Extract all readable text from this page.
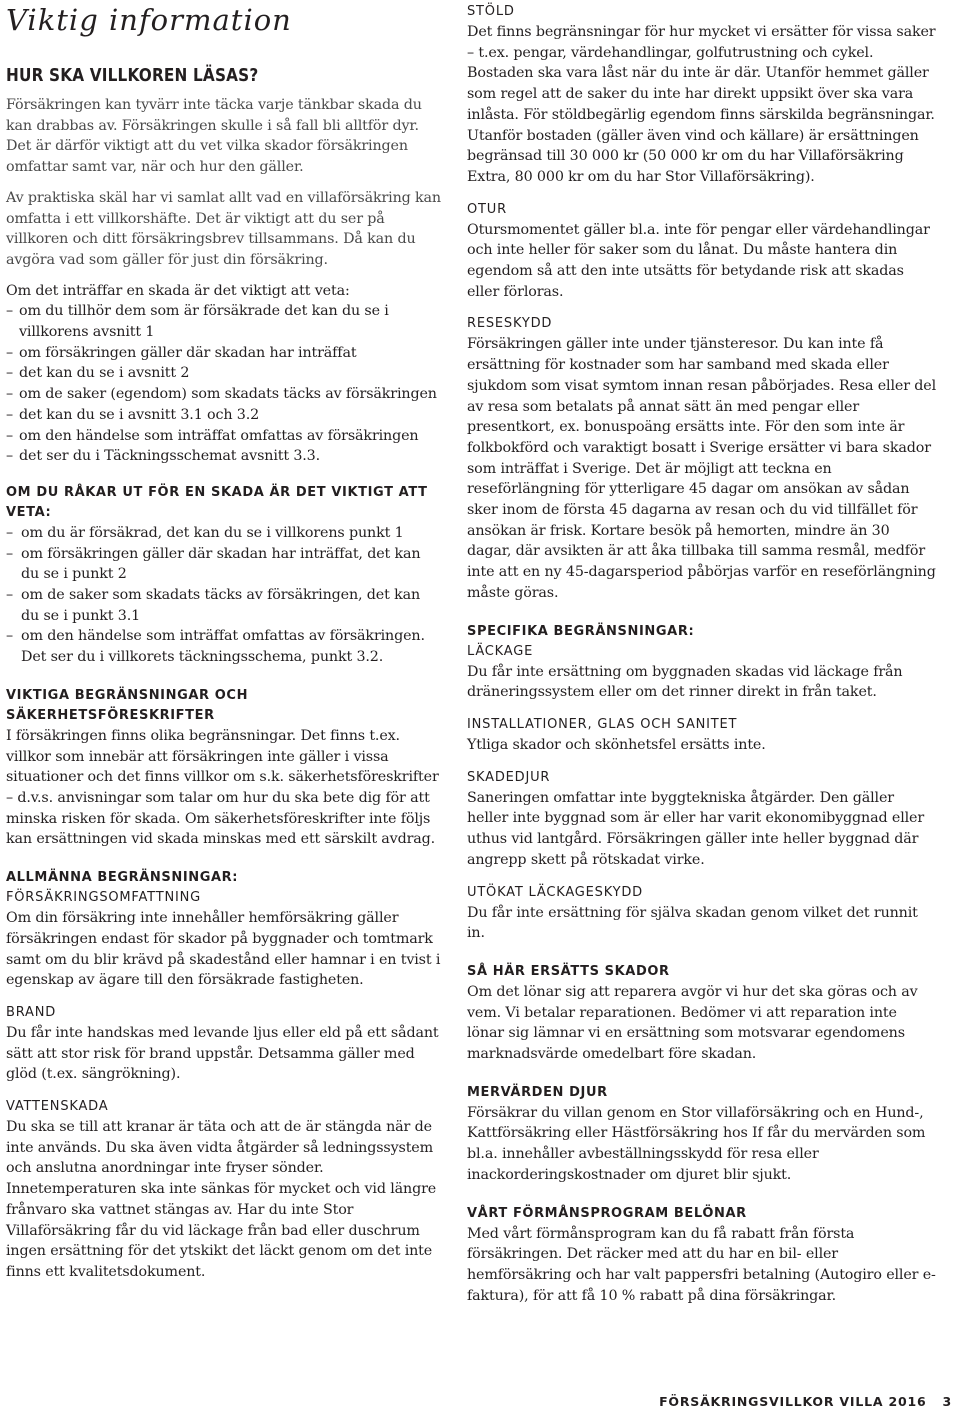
Viktig information
HUR SKA VILLKOREN LÄSAS?

Försäkringen kan tyvärr inte täcka varje tänkbar skada du kan drabbas av. Försäkringen skulle i så fall bli alltför dyr. Det är därför viktigt att du vet vilka skador försäkringen omfattar samt var, när och hur den gäller.

Av praktiska skäl har vi samlat allt vad en villaförsäkring kan omfatta i ett villkorshäfte. Det är viktigt att du ser på villkoren och ditt försäkringsbrev tillsammans. Då kan du avgöra vad som gäller för just din försäkring.

Om det inträffar en skada är det viktigt att veta:

– om du tillhör dem som är försäkrade det kan du se i villkorens avsnitt 1
– om försäkringen gäller där skadan har inträffat
– det kan du se i avsnitt 2
– om de saker (egendom) som skadats täcks av försäkringen
– det kan du se i avsnitt 3.1 och 3.2
– om den händelse som inträffat omfattas av försäkringen
– det ser du i Täckningsschemat avsnitt 3.3.
OM DU RÅKAR UT FÖR EN SKADA ÄR DET VIKTIGT ATT VETA:
– om du är försäkrad, det kan du se i villkorens punkt 1
– om försäkringen gäller där skadan har inträffat, det kan du se i punkt 2
– om de saker som skadats täcks av försäkringen, det kan du se i punkt 3.1
– om den händelse som inträffat omfattas av försäkringen. Det ser du i villkorets täckningsschema, punkt 3.2.
VIKTIGA BEGRÄNSNINGAR OCH SÄKERHETSFÖRESKRIFTER

I försäkringen finns olika begränsningar. Det finns t.ex. villkor som innebär att försäkringen inte gäller i vissa situationer och det finns villkor om s.k. säkerhetsföreskrifter – d.v.s. anvisningar som talar om hur du ska bete dig för att minska risken för skada. Om säkerhetsföreskrifter inte följs kan ersättningen vid skada minskas med ett särskilt avdrag.

ALLMÄNNA BEGRÄNSNINGAR:
FÖRSÄKRINGSOMFATTNING

Om din försäkring inte innehåller hemförsäkring gäller försäkringen endast för skador på byggnader och tomtmark samt om du blir krävd på skadestånd eller hamnar i en tvist i egenskap av ägare till den försäkrade fastigheten.

BRAND

Du får inte handskas med levande ljus eller eld på ett sådant sätt att stor risk för brand uppstår. Detsamma gäller med glöd (t.ex. sängrökning).

VATTENSKADA

Du ska se till att kranar är täta och att de är stängda när de inte används. Du ska även vidta åtgärder så ledningssystem och anslutna anordningar inte fryser sönder. Innetemperaturen ska inte sänkas för mycket och vid längre frånvaro ska vattnet stängas av. Har du inte Stor Villaförsäkring får du vid läckage från bad eller duschrum ingen ersättning för det ytskikt det läckt genom om det inte finns ett kvalitetsdokument.

STÖLD

Det finns begränsningar för hur mycket vi ersätter för vissa saker – t.ex. pengar, värdehandlingar, golfutrustning och cykel. Bostaden ska vara låst när du inte är där. Utanför hemmet gäller som regel att de saker du inte har direkt uppsikt över ska vara inlåsta. För stöldbegärlig egendom finns särskilda begränsningar. Utanför bostaden (gäller även vind och källare) är ersättningen begränsad till 30 000 kr (50 000 kr om du har Villaförsäkring Extra, 80 000 kr om du har Stor Villaförsäkring).

OTUR

Otursmomentet gäller bl.a. inte för pengar eller värdehandlingar och inte heller för saker som du lånat. Du måste hantera din egendom så att den inte utsätts för betydande risk att skadas eller förloras.

RESESKYDD

Försäkringen gäller inte under tjänsteresor. Du kan inte få ersättning för kostnader som har samband med skada eller sjukdom som visat symtom innan resan påbörjades. Resa eller del av resa som betalats på annat sätt än med pengar eller presentkort, ex. bonuspoäng ersätts inte. För den som inte är folkbokförd och varaktigt bosatt i Sverige ersätter vi bara skador som inträffat i Sverige. Det är möjligt att teckna en reseförlängning för ytterligare 45 dagar om ansökan av sådan sker inom de första 45 dagarna av resan och du vid tillfället för ansökan är frisk. Kortare besök på hemorten, mindre än 30 dagar, där avsikten är att åka tillbaka till samma resmål, medför inte att en ny 45-dagarsperiod påbörjas varför en reseförlängning måste göras.

SPECIFIKA BEGRÄNSNINGAR:
LÄCKAGE

Du får inte ersättning om byggnaden skadas vid läckage från dräneringssystem eller om det rinner direkt in från taket.

INSTALLATIONER, GLAS OCH SANITET

Ytliga skador och skönhetsfel ersätts inte.

SKADEDJUR

Saneringen omfattar inte byggtekniska åtgärder. Den gäller heller inte byggnad som är eller har varit ekonomibyggnad eller uthus vid lantgård. Försäkringen gäller inte heller byggnad där angrepp skett på rötskadat virke.

UTÖKAT LÄCKAGESKYDD

Du får inte ersättning för själva skadan genom vilket det runnit in.

SÅ HÄR ERSÄTTS SKADOR

Om det lönar sig att reparera avgör vi hur det ska göras och av vem. Vi betalar reparationen. Bedömer vi att reparation inte lönar sig lämnar vi en ersättning som motsvarar egendomens marknadsvärde omedelbart före skadan.

MERVÄRDEN DJUR

Försäkrar du villan genom en Stor villaförsäkring och en Hund-, Kattförsäkring eller Hästförsäkring hos If får du mervärden som bl.a. innehåller avbeställningsskydd för resa eller inackorderingskostnader om djuret blir sjukt.

VÅRT FÖRMÅNSPROGRAM BELÖNAR

Med vårt förmånsprogram kan du få rabatt från första försäkringen. Det räcker med att du har en bil- eller hemförsäkring och har valt pappersfri betalning (Autogiro eller e-faktura), för att få 10 % rabatt på dina försäkringar.

FÖRSÄKRINGSVILLKOR VILLA 2016 3
